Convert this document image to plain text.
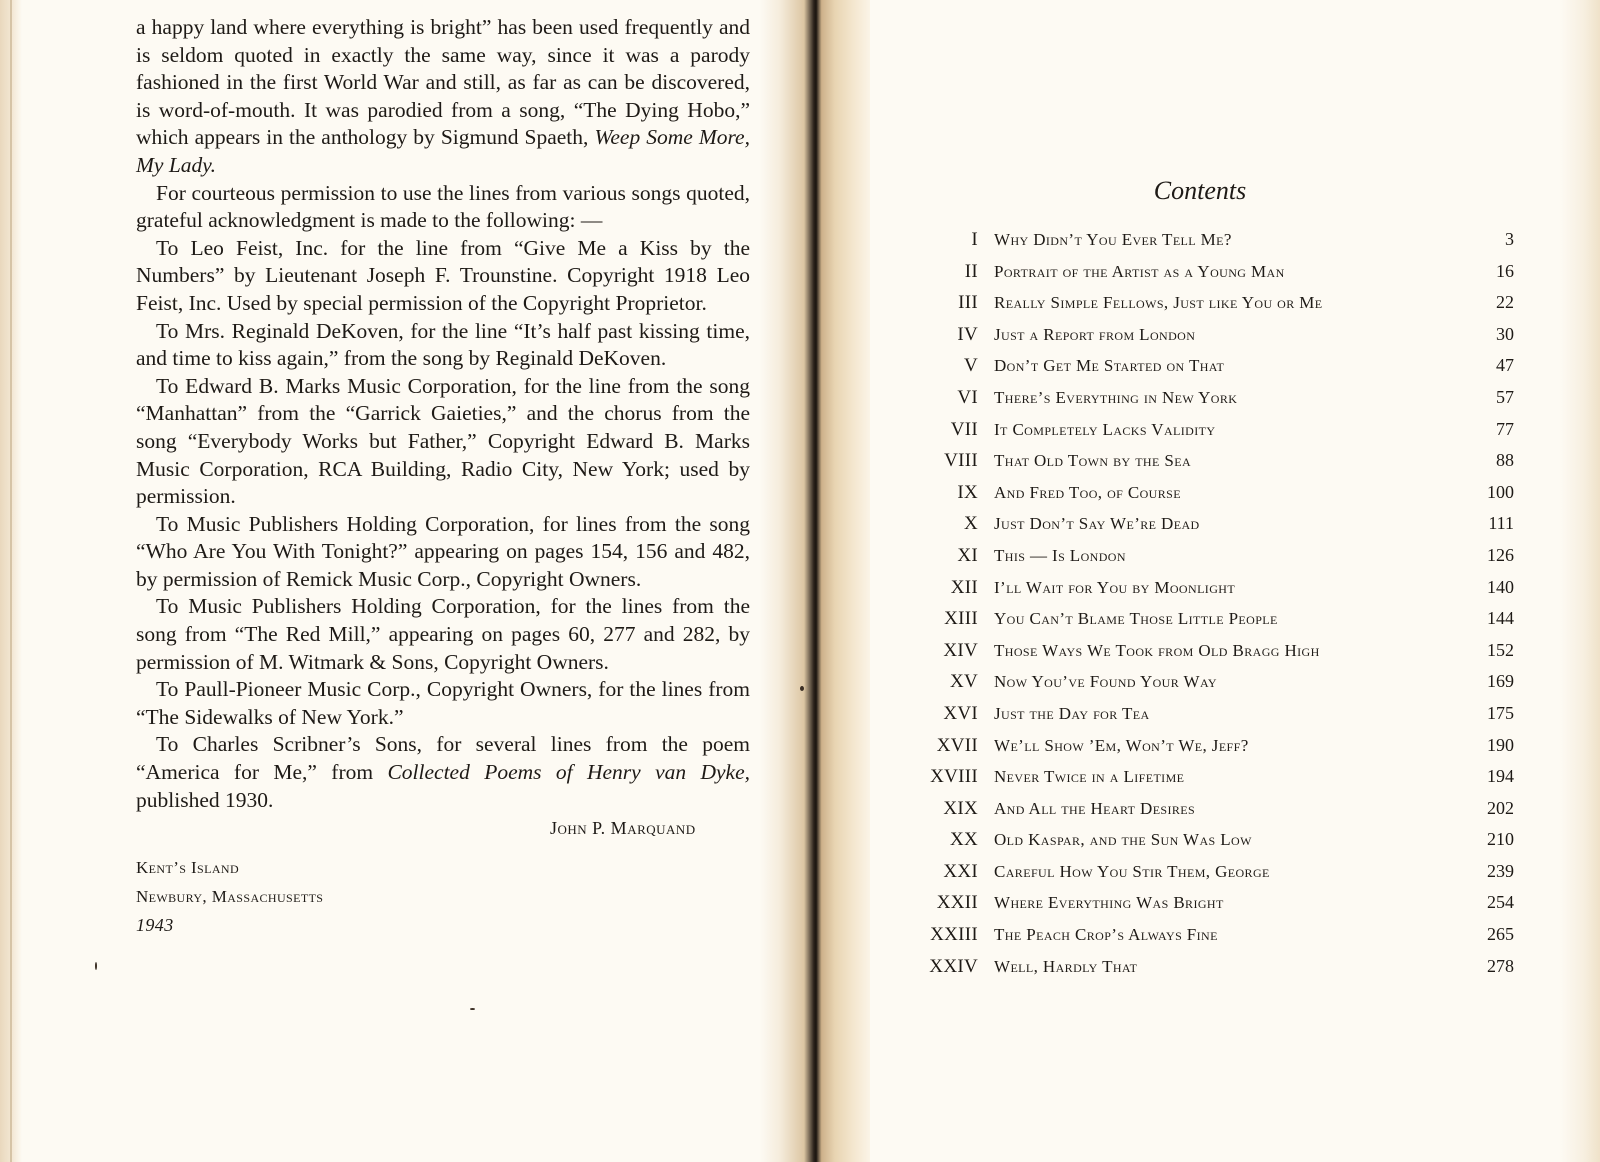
a happy land where everything is bright” has been used frequently and is seldom quoted in exactly the same way, since it was a parody fashioned in the first World War and still, as far as can be discovered, is word-of-mouth. It was parodied from a song, “The Dying Hobo,” which appears in the anthology by Sigmund Spaeth, Weep Some More, My Lady.

For courteous permission to use the lines from various songs quoted, grateful acknowledgment is made to the following: —

To Leo Feist, Inc. for the line from “Give Me a Kiss by the Numbers” by Lieutenant Joseph F. Trounstine. Copyright 1918 Leo Feist, Inc. Used by special permission of the Copyright Proprietor.

To Mrs. Reginald DeKoven, for the line “It’s half past kissing time, and time to kiss again,” from the song by Reginald DeKoven.

To Edward B. Marks Music Corporation, for the line from the song “Manhattan” from the “Garrick Gaieties,” and the chorus from the song “Everybody Works but Father,” Copyright Edward B. Marks Music Corporation, RCA Building, Radio City, New York; used by permission.

To Music Publishers Holding Corporation, for lines from the song “Who Are You With Tonight?” appearing on pages 154, 156 and 482, by permission of Remick Music Corp., Copyright Owners.

To Music Publishers Holding Corporation, for the lines from the song from “The Red Mill,” appearing on pages 60, 277 and 282, by permission of M. Witmark & Sons, Copyright Owners.

To Paull-Pioneer Music Corp., Copyright Owners, for the lines from “The Sidewalks of New York.”

To Charles Scribner’s Sons, for several lines from the poem “America for Me,” from Collected Poems of Henry van Dyke, published 1930.

John P. Marquand
Kent’s Island
Newbury, Massachusetts
1943
Contents
I Why Didn’t You Ever Tell Me?	3
II Portrait of the Artist as a Young Man	16
III Really Simple Fellows, Just like You or Me	22
IV Just a Report from London	30
V Don’t Get Me Started on That	47
VI There’s Everything in New York	57
VII It Completely Lacks Validity	77
VIII That Old Town by the Sea	88
IX And Fred Too, of Course	100
X Just Don’t Say We’re Dead	111
XI This — Is London	126
XII I’ll Wait for You by Moonlight	140
XIII You Can’t Blame Those Little People	144
XIV Those Ways We Took from Old Bragg High	152
XV Now You’ve Found Your Way	169
XVI Just the Day for Tea	175
XVII We’ll Show ’Em, Won’t We, Jeff?	190
XVIII Never Twice in a Lifetime	194
XIX And All the Heart Desires	202
XX Old Kaspar, and the Sun Was Low	210
XXI Careful How You Stir Them, George	239
XXII Where Everything Was Bright	254
XXIII The Peach Crop’s Always Fine	265
XXIV Well, Hardly That	278
